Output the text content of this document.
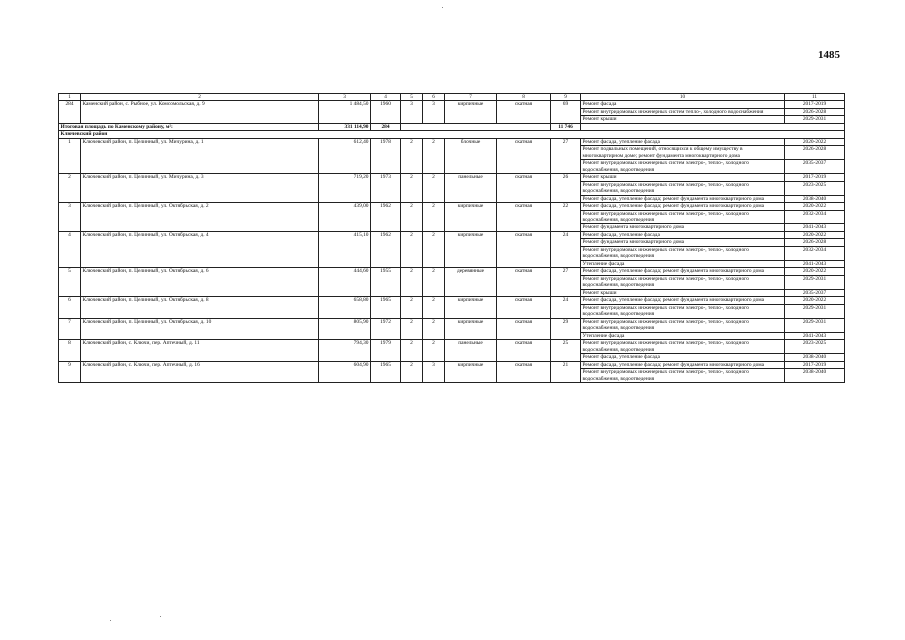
1485
1	2	3	4	5	6	7	8	9	10	11
284	Каменский район, с. Рыбное, ул. Комсомольская, д. 9	1 484,50	1960	3	3	кирпичные	скатная	69	Ремонт фасада	2017-2019
									Ремонт внутридомовых инженерных систем тепло-, холодного водоснабжения	2026-2028
									Ремонт крыши	2029-2031
Итоговая площадь по Каменскому району, м²:		331 114,90	284					11 746		
Ключевский район										
1	Ключевский район, п. Целинный, ул. Мичурина, д. 1	612,40	1978	2	2	блочные	скатная	27	Ремонт фасада, утепление фасада	2020-2022
									Ремонт подвальных помещений, относящихся к общему имуществу в многоквартирном доме; ремонт фундамента многоквартирного дома	2026-2028
									Ремонт внутридомовых инженерных систем электро-, тепло-, холодного водоснабжения, водоотведения	2035-2037
2	Ключевский район, п. Целинный, ул. Мичурина, д. 3	719,20	1973	2	2	панельные	скатная	26	Ремонт крыши	2017-2019
									Ремонт внутридомовых инженерных систем электро-, тепло-, холодного водоснабжения, водоотведения	2023-2025
									Ремонт фасада, утепление фасада; ремонт фундамента многоквартирного дома	2038-2040
3	Ключевский район, п. Целинный, ул. Октябрьская, д. 2	439,00	1962	2	2	кирпичные	скатная	22	Ремонт фасада, утепление фасада; ремонт фундамента многоквартирного дома	2020-2022
									Ремонт внутридомовых инженерных систем электро-, тепло-, холодного водоснабжения, водоотведения	2032-2034
									Ремонт фундамента многоквартирного дома	2041-2043
4	Ключевский район, п. Целинный, ул. Октябрьская, д. 4	415,10	1962	2	2	кирпичные	скатная	24	Ремонт фасада, утепление фасада	2020-2022
									Ремонт фундамента многоквартирного дома	2026-2028
									Ремонт внутридомовых инженерных систем электро-, тепло-, холодного водоснабжения, водоотведения	2032-2034
									Утепление фасада	2041-2043
5	Ключевский район, п. Целинный, ул. Октябрьская, д. 6	444,60	1955	2	2	деревянные	скатная	27	Ремонт фасада, утепление фасада; ремонт фундамента многоквартирного дома	2020-2022
									Ремонт внутридомовых инженерных систем электро-, тепло-, холодного водоснабжения, водоотведения	2029-2031
									Ремонт крыши	2035-2037
6	Ключевский район, п. Целинный, ул. Октябрьская, д. 8	658,80	1965	2	2	кирпичные	скатная	24	Ремонт фасада, утепление фасада; ремонт фундамента многоквартирного дома	2020-2022
									Ремонт внутридомовых инженерных систем электро-, тепло-, холодного водоснабжения, водоотведения	2029-2031
7	Ключевский район, п. Целинный, ул. Октябрьская, д. 10	805,90	1972	2	2	кирпичные	скатная	29	Ремонт внутридомовых инженерных систем электро-, тепло-, холодного водоснабжения, водоотведения	2029-2031
									Утепление фасада	2041-2043
8	Ключевский район, с. Ключи, пер. Аптечный, д. 11	794,30	1979	2	2	панельные	скатная	25	Ремонт внутридомовых инженерных систем электро-, тепло-, холодного водоснабжения, водоотведения	2023-2025
									Ремонт фасада, утепление фасада	2038-2040
9	Ключевский район, с. Ключи, пер. Аптечный, д. 16	604,90	1965	2	3	кирпичные	скатная	21	Ремонт фасада, утепление фасада; ремонт фундамента многоквартирного дома	2017-2019
									Ремонт внутридомовых инженерных систем электро-, тепло-, холодного водоснабжения, водоотведения	2038-2040
